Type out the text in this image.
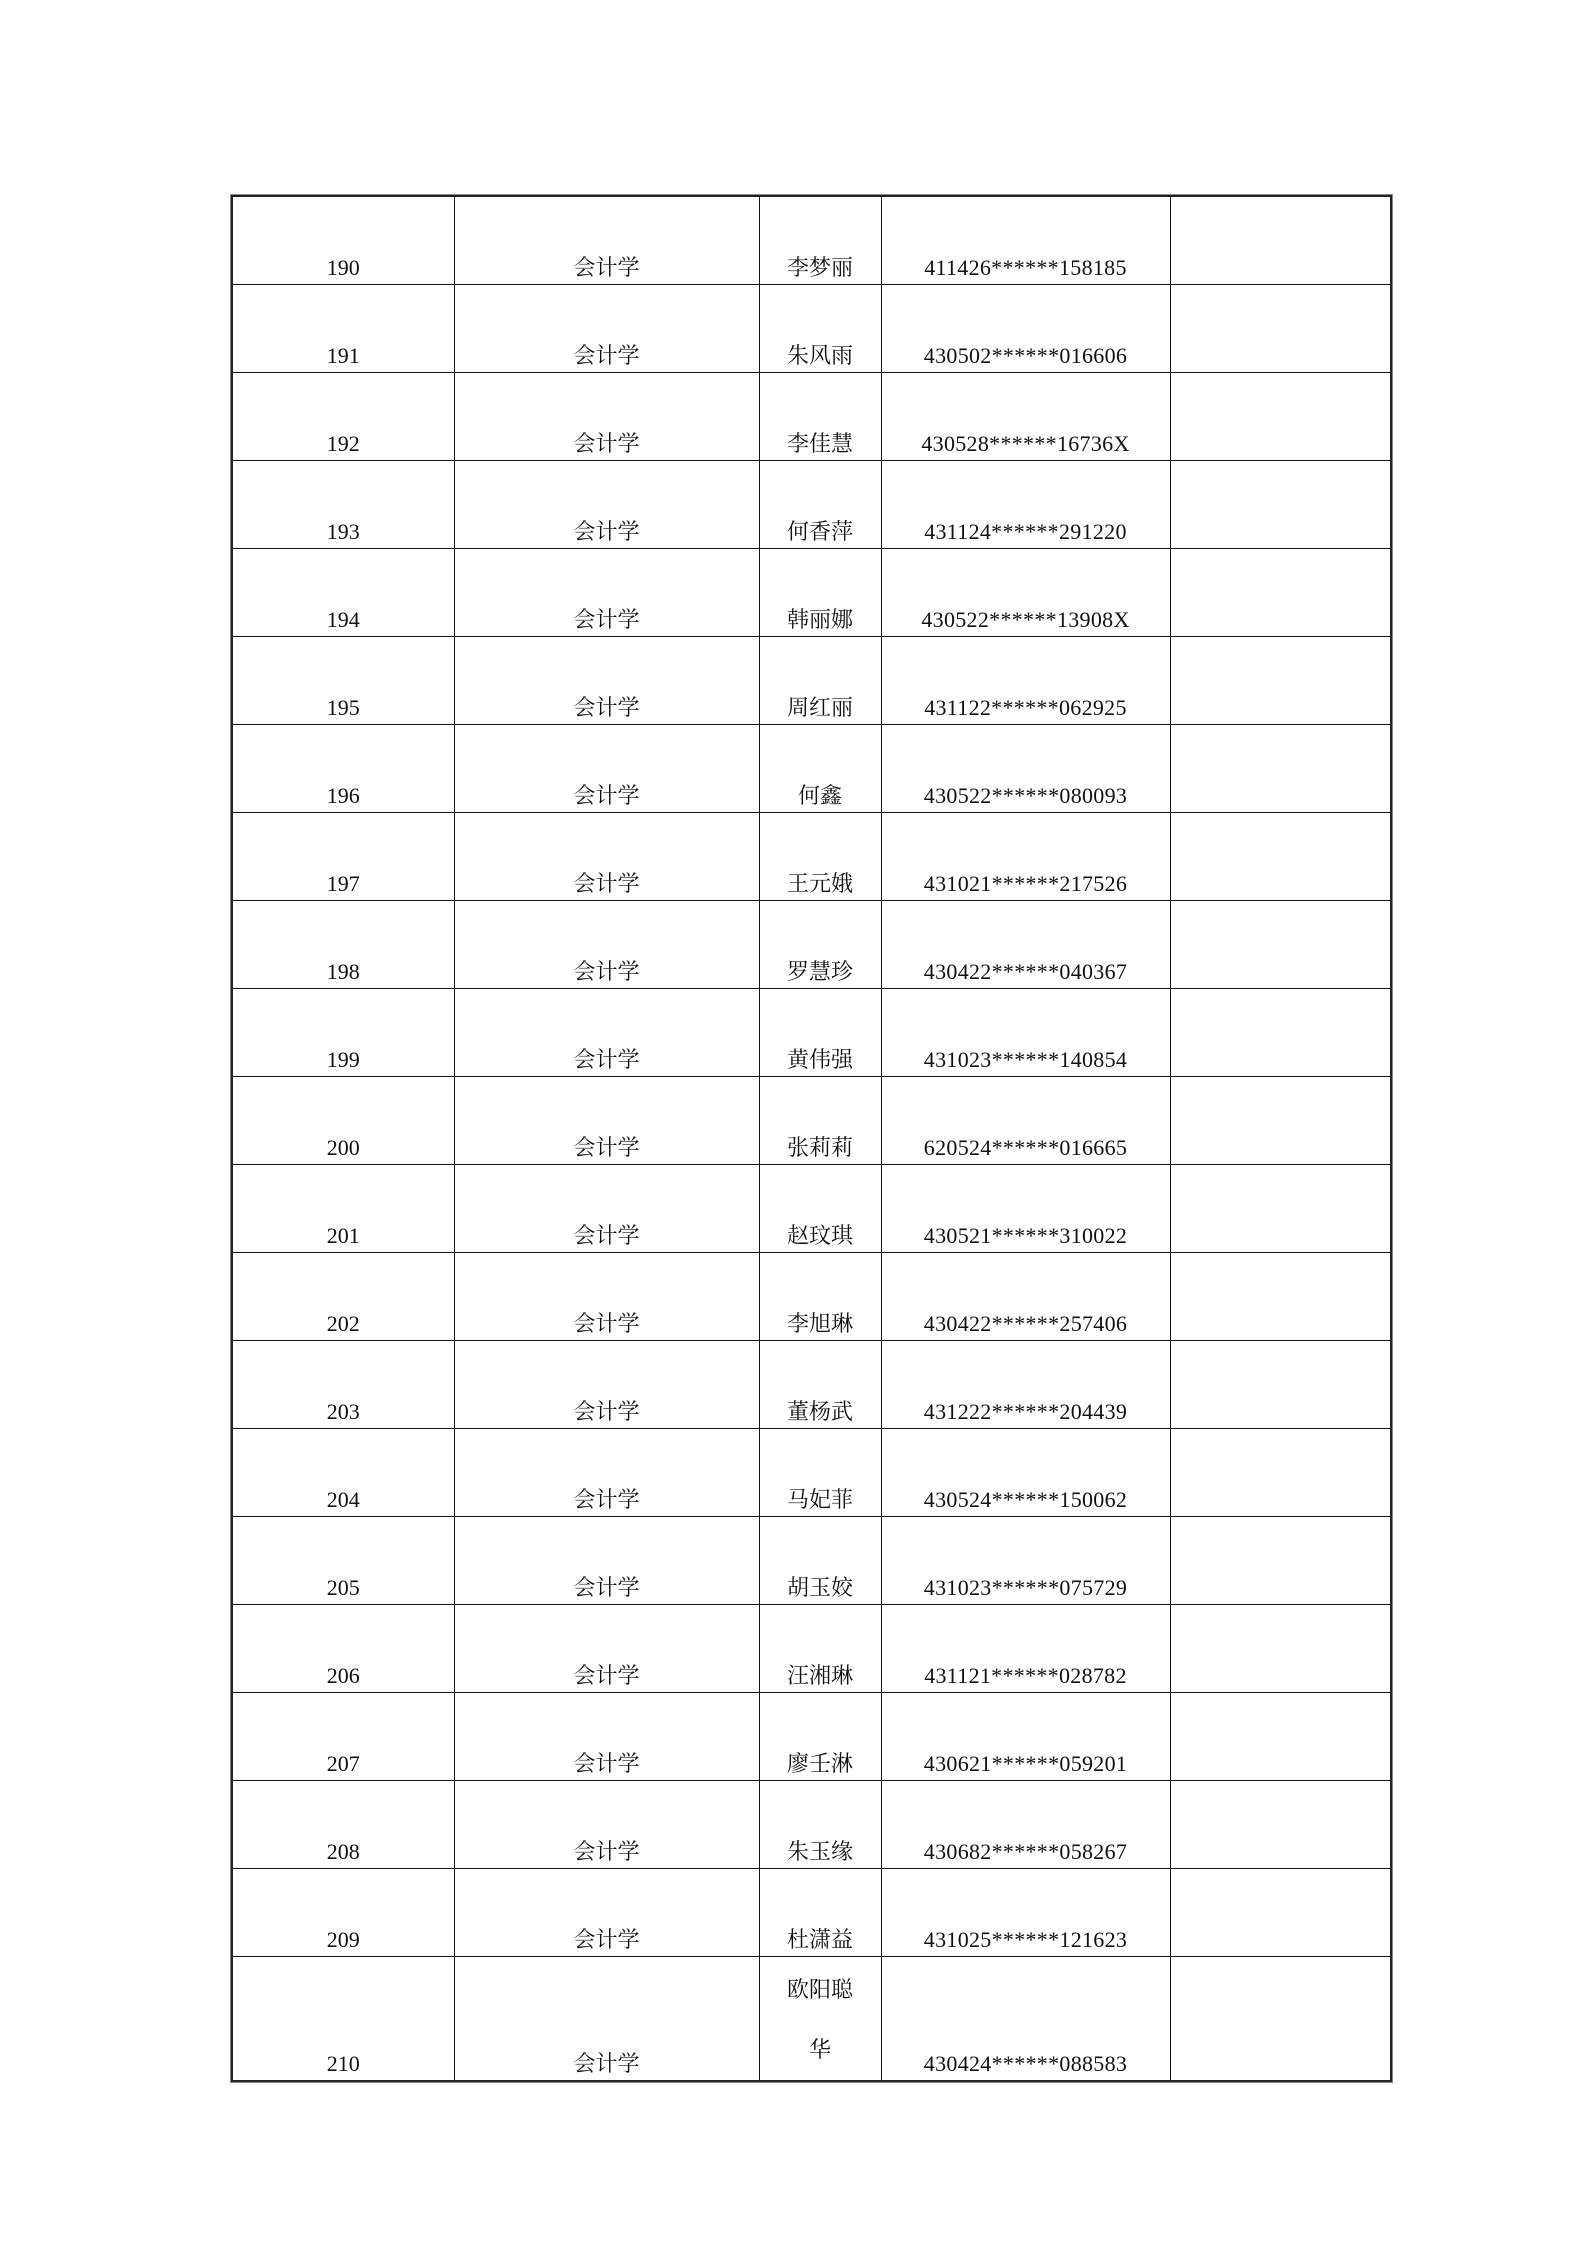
190	会计学	李梦丽	411426******158185	
191	会计学	朱风雨	430502******016606	
192	会计学	李佳慧	430528******16736X	
193	会计学	何香萍	431124******291220	
194	会计学	韩丽娜	430522******13908X	
195	会计学	周红丽	431122******062925	
196	会计学	何鑫	430522******080093	
197	会计学	王元娥	431021******217526	
198	会计学	罗慧珍	430422******040367	
199	会计学	黄伟强	431023******140854	
200	会计学	张莉莉	620524******016665	
201	会计学	赵玟琪	430521******310022	
202	会计学	李旭琳	430422******257406	
203	会计学	董杨武	431222******204439	
204	会计学	马妃菲	430524******150062	
205	会计学	胡玉姣	431023******075729	
206	会计学	汪湘琳	431121******028782	
207	会计学	廖壬淋	430621******059201	
208	会计学	朱玉缘	430682******058267	
209	会计学	杜潇益	431025******121623	
210	会计学	欧阳聪华	430424******088583	
